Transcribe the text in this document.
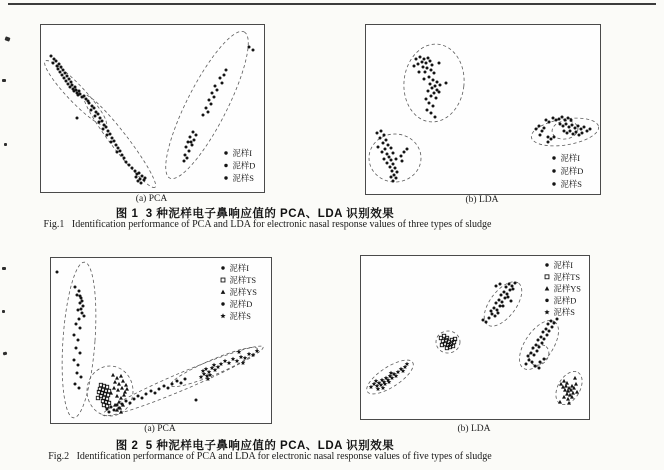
泥样I
泥样D
泥样S
泥样I
泥样D
泥样S
(a) PCA	(b) LDA
图 1  3 种泥样电子鼻响应值的 PCA、LDA 识别效果
Fig.1   Identification performance of PCA and LDA for electronic nasal response values of three types of sludge
泥样I
泥样TS
泥样YS
泥样D
泥样S
泥样I
泥样TS
泥样YS
泥样D
泥样S
(a) PCA	(b) LDA
图 2  5 种泥样电子鼻响应值的 PCA、LDA 识别效果
Fig.2   Identification performance of PCA and LDA for electronic nasal response values of five types of sludge
